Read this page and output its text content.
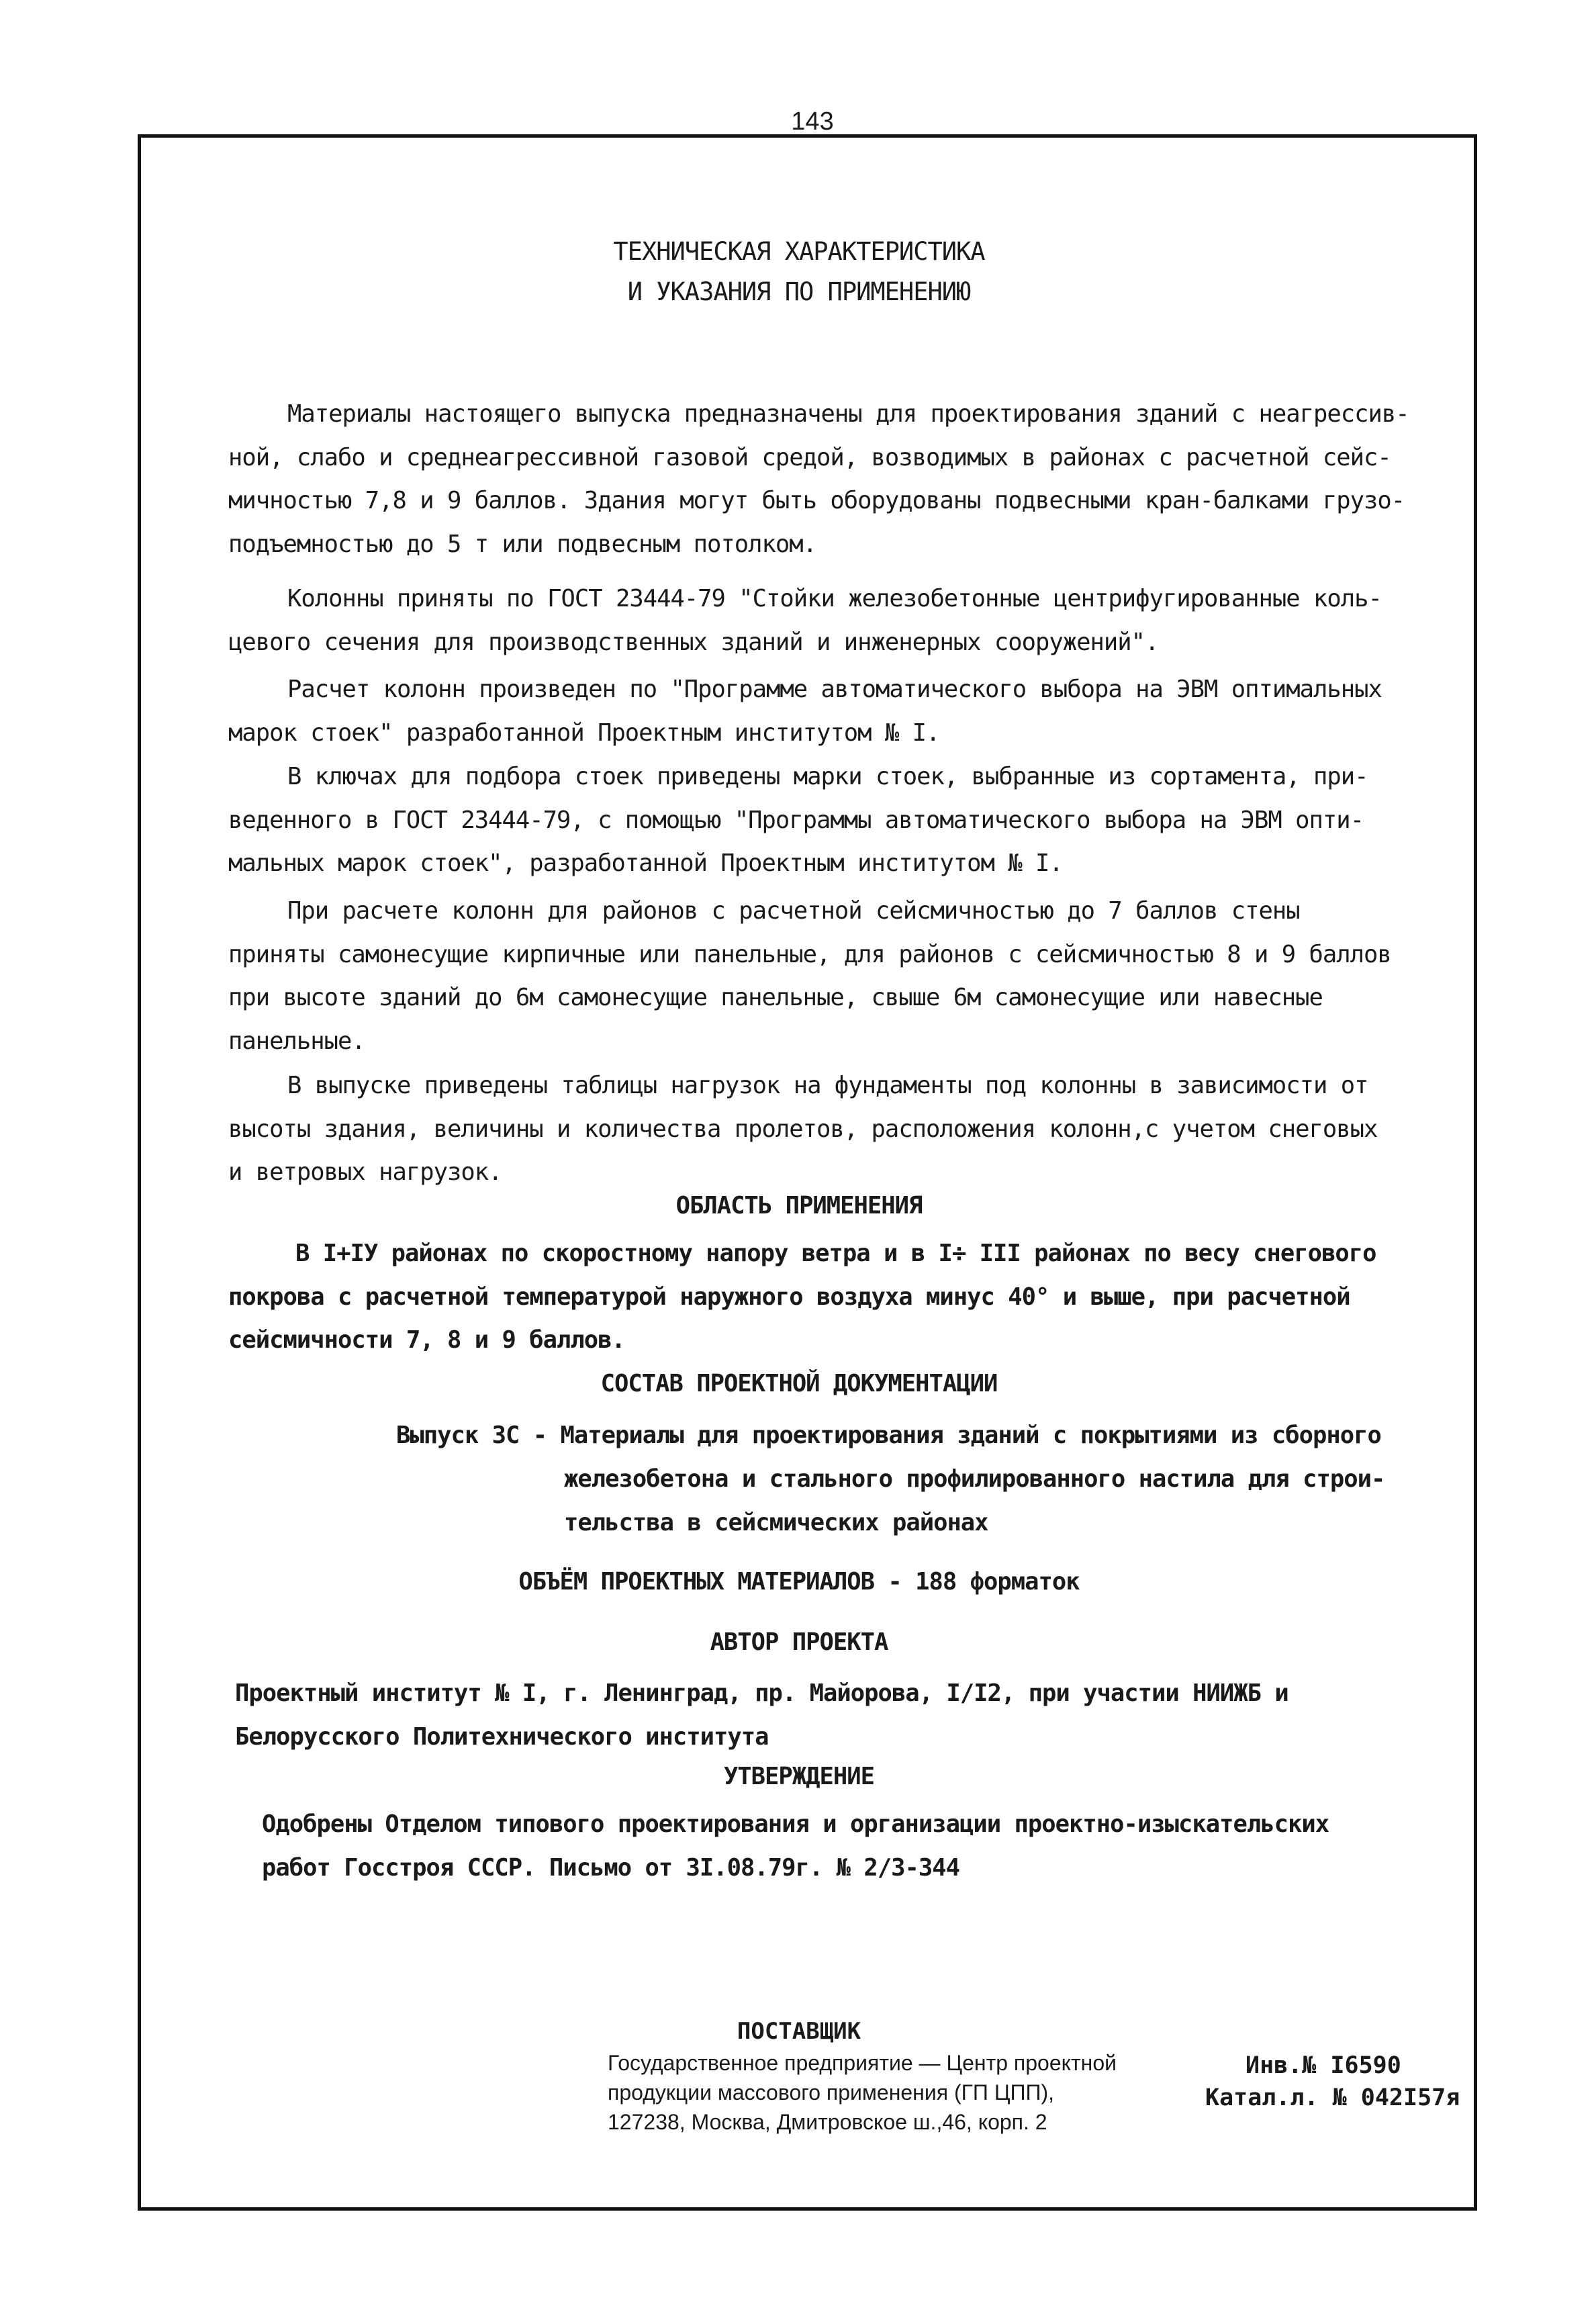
143
ТЕХНИЧЕСКАЯ ХАРАКТЕРИСТИКА
И УКАЗАНИЯ ПО ПРИМЕНЕНИЮ
Материалы настоящего выпуска предназначены для проектирования зданий с неагрессив-
ной, слабо и среднеагрессивной газовой средой, возводимых в районах с расчетной сейс-
мичностью 7,8 и 9 баллов. Здания могут быть оборудованы подвесными кран-балками грузо-
подъемностью до 5 т или подвесным потолком.
Колонны приняты по ГОСТ 23444-79 "Стойки железобетонные центрифугированные коль-
цевого сечения для производственных зданий и инженерных сооружений".
Расчет колонн произведен по "Программе автоматического выбора на ЭВМ оптимальных
марок стоек" разработанной Проектным институтом № I.
В ключах для подбора стоек приведены марки стоек, выбранные из сортамента, при-
веденного в ГОСТ 23444-79, с помощью "Программы автоматического выбора на ЭВМ опти-
мальных марок стоек", разработанной Проектным институтом № I.
При расчете колонн для районов с расчетной сейсмичностью до 7 баллов стены
приняты самонесущие кирпичные или панельные, для районов с сейсмичностью 8 и 9 баллов
при высоте зданий до 6м самонесущие панельные, свыше 6м самонесущие или навесные
панельные.
В выпуске приведены таблицы нагрузок на фундаменты под колонны в зависимости от
высоты здания, величины и количества пролетов, расположения колонн,с учетом снеговых
и ветровых нагрузок.
ОБЛАСТЬ ПРИМЕНЕНИЯ
В I+IУ районах по скоростному напору ветра и в I÷ III районах по весу снегового
покрова с расчетной температурой наружного воздуха минус 40° и выше, при расчетной
сейсмичности 7, 8 и 9 баллов.
СОСТАВ ПРОЕКТНОЙ ДОКУМЕНТАЦИИ
Выпуск 3С - Материалы для проектирования зданий с покрытиями из сборного
железобетона и стального профилированного настила для строи-
тельства в сейсмических районах
ОБЪЁМ ПРОЕКТНЫХ МАТЕРИАЛОВ - 188 форматок
АВТОР ПРОЕКТА
Проектный институт № I, г. Ленинград, пр. Майорова, I/I2, при участии НИИЖБ и
Белорусского Политехнического института
УТВЕРЖДЕНИЕ
Одобрены Отделом типового проектирования и организации проектно-изыскательских
работ Госстроя СССР. Письмо от 3I.08.79г. № 2/3-344
ПОСТАВЩИК
Государственное предприятие — Центр проектной
продукции массового применения (ГП ЦПП),
127238, Москва, Дмитровское ш.,46, корп. 2
Инв.№ I6590
Катал.л. № 042I57я
